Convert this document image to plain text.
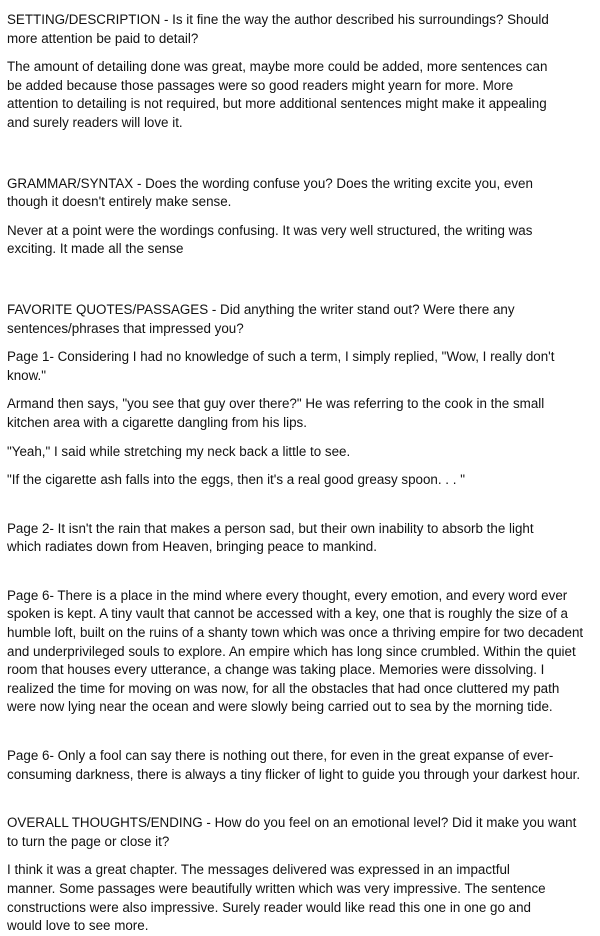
SETTING/DESCRIPTION - Is it fine the way the author described his surroundings? Should
more attention be paid to detail?
The amount of detailing done was great, maybe more could be added, more sentences can
be added because those passages were so good readers might yearn for more. More
attention to detailing is not required, but more additional sentences might make it appealing
and surely readers will love it.
GRAMMAR/SYNTAX - Does the wording confuse you? Does the writing excite you, even
though it doesn't entirely make sense.
Never at a point were the wordings confusing. It was very well structured, the writing was
exciting. It made all the sense
FAVORITE QUOTES/PASSAGES - Did anything the writer stand out? Were there any
sentences/phrases that impressed you?
Page 1- Considering I had no knowledge of such a term, I simply replied, "Wow, I really don't
know."
Armand then says, "you see that guy over there?" He was referring to the cook in the small
kitchen area with a cigarette dangling from his lips.
"Yeah," I said while stretching my neck back a little to see.
"If the cigarette ash falls into the eggs, then it's a real good greasy spoon. . . "
Page 2- It isn't the rain that makes a person sad, but their own inability to absorb the light
which radiates down from Heaven, bringing peace to mankind.
Page 6- There is a place in the mind where every thought, every emotion, and every word ever
spoken is kept. A tiny vault that cannot be accessed with a key, one that is roughly the size of a
humble loft, built on the ruins of a shanty town which was once a thriving empire for two decadent
and underprivileged souls to explore. An empire which has long since crumbled. Within the quiet
room that houses every utterance, a change was taking place. Memories were dissolving. I
realized the time for moving on was now, for all the obstacles that had once cluttered my path
were now lying near the ocean and were slowly being carried out to sea by the morning tide.
Page 6- Only a fool can say there is nothing out there, for even in the great expanse of ever-
consuming darkness, there is always a tiny flicker of light to guide you through your darkest hour.
OVERALL THOUGHTS/ENDING - How do you feel on an emotional level? Did it make you want
to turn the page or close it?
I think it was a great chapter. The messages delivered was expressed in an impactful
manner. Some passages were beautifully written which was very impressive. The sentence
constructions were also impressive. Surely reader would like read this one in one go and
would love to see more.
